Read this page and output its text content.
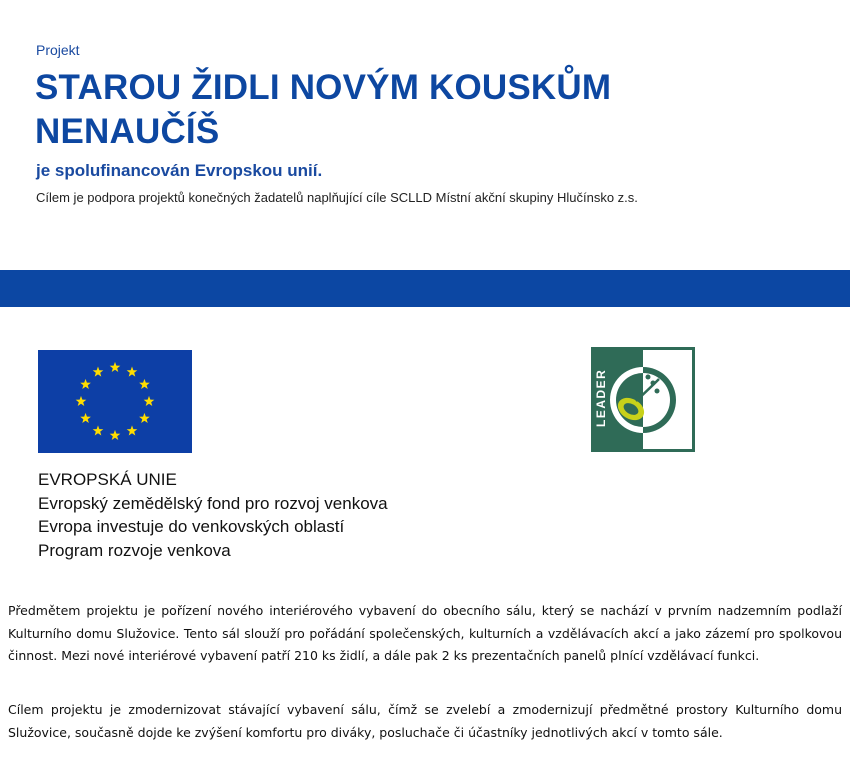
Projekt
STAROU ŽIDLI NOVÝM KOUSKŮM NENAUČÍŠ
je spolufinancován Evropskou unií.
Cílem je podpora projektů konečných žadatelů naplňující cíle SCLLD Místní akční skupiny Hlučínsko z.s.
LEADER
EVROPSKÁ UNIE
Evropský zemědělský fond pro rozvoj venkova
Evropa investuje do venkovských oblastí
Program rozvoje venkova
Předmětem projektu je pořízení nového interiérového vybavení do obecního sálu, který se nachází v prvním nadzemním podlaží Kulturního domu Služovice. Tento sál slouží pro pořádání společenských, kulturních a vzdělávacích akcí a jako zázemí pro spolkovou činnost. Mezi nové interiérové vybavení patří 210 ks židlí, a dále pak 2 ks prezentačních panelů plnící vzdělávací funkci.
Cílem projektu je zmodernizovat stávající vybavení sálu, čímž se zvelebí a zmodernizují předmětné prostory Kulturního domu Služovice, současně dojde ke zvýšení komfortu pro diváky, posluchače či účastníky jednotlivých akcí v tomto sále.
